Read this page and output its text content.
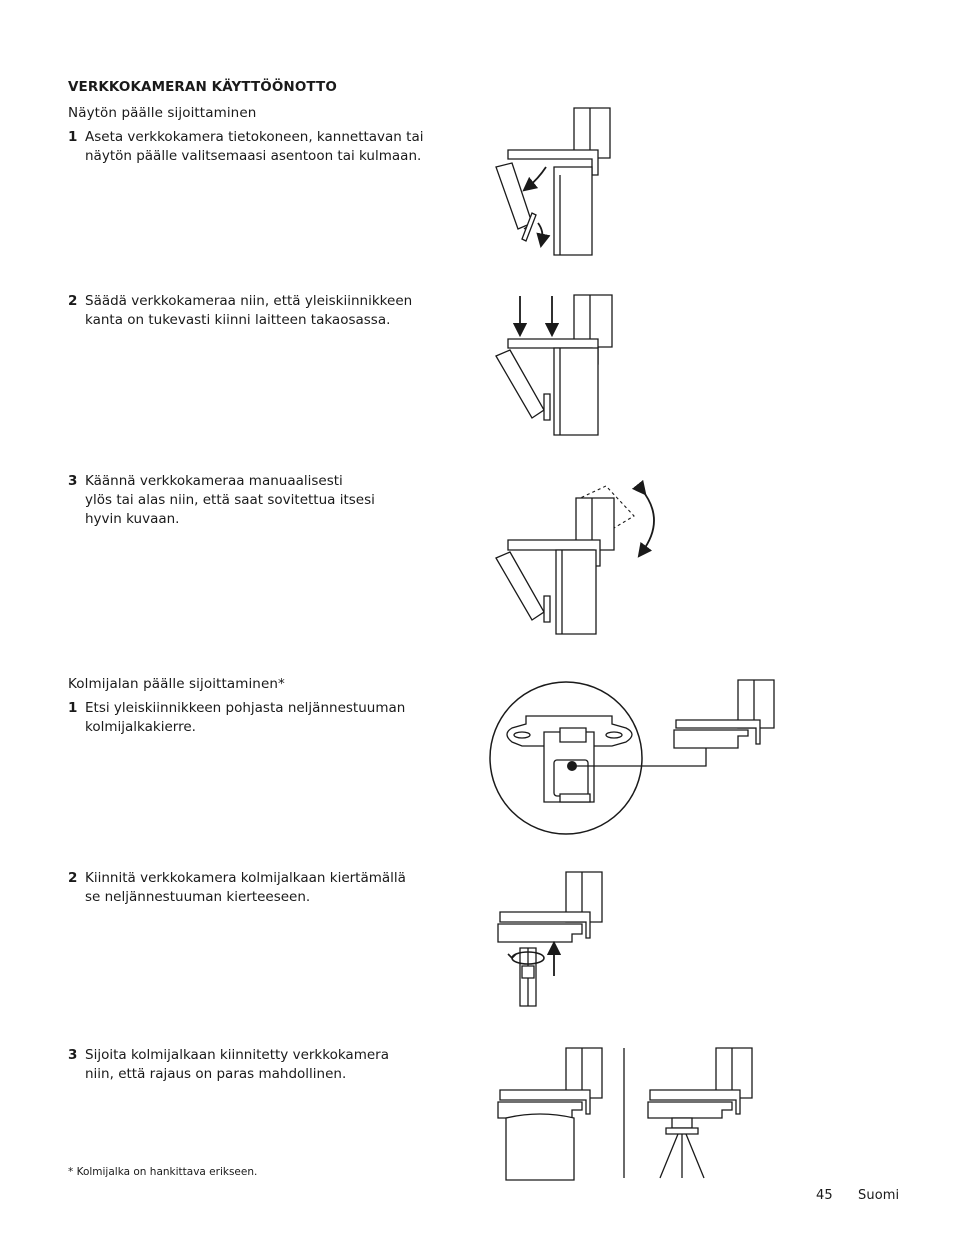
VERKKOKAMERAN KÄYTTÖÖNOTTO
Näytön päälle sijoittaminen
1 Aseta verkkokamera tietokoneen, kannettavan tai
näytön päälle valitsemaasi asentoon tai kulmaan.
2 Säädä verkkokameraa niin, että yleiskiinnikkeen
kanta on tukevasti kiinni laitteen takaosassa.
3 Käännä verkkokameraa manuaalisesti
ylös tai alas niin, että saat sovitettua itsesi
hyvin kuvaan.
Kolmijalan päälle sijoittaminen*
1 Etsi yleiskiinnikkeen pohjasta neljännestuuman
kolmijalkakierre.
2 Kiinnitä verkkokamera kolmijalkaan kiertämällä
se neljännestuuman kierteeseen.
3 Sijoita kolmijalkaan kiinnitetty verkkokamera
niin, että rajaus on paras mahdollinen.
* Kolmijalka on hankittava erikseen.
45 Suomi
